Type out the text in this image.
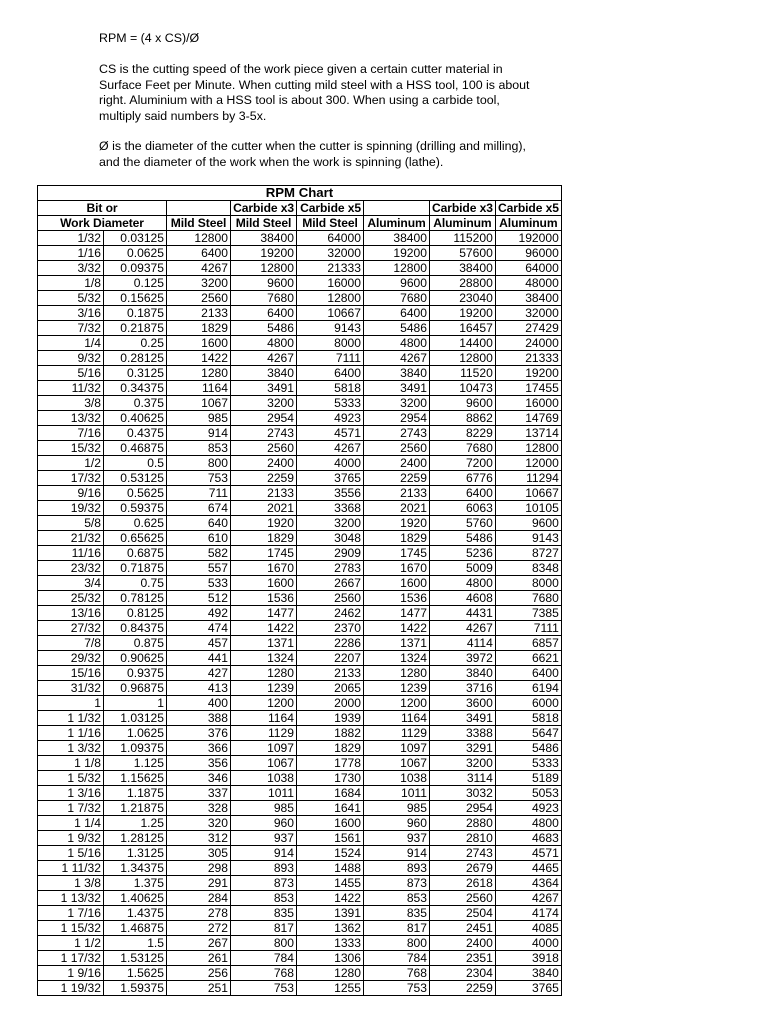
RPM = (4 x CS)/Ø

CS is the cutting speed of the work piece given a certain cutter material in Surface Feet per Minute. When cutting mild steel with a HSS tool, 100 is about right. Aluminium with a HSS tool is about 300. When using a carbide tool, multiply said numbers by 3-5x.

Ø is the diameter of the cutter when the cutter is spinning (drilling and milling), and the diameter of the work when the work is spinning (lathe).

RPM Chart							
Bit or			Carbide x3	Carbide x5		Carbide x3	Carbide x5
Work Diameter		Mild Steel	Mild Steel	Mild Steel	Aluminum	Aluminum	Aluminum
1/32	0.03125	12800	38400	64000	38400	115200	192000
1/16	0.0625	6400	19200	32000	19200	57600	96000
3/32	0.09375	4267	12800	21333	12800	38400	64000
1/8	0.125	3200	9600	16000	9600	28800	48000
5/32	0.15625	2560	7680	12800	7680	23040	38400
3/16	0.1875	2133	6400	10667	6400	19200	32000
7/32	0.21875	1829	5486	9143	5486	16457	27429
1/4	0.25	1600	4800	8000	4800	14400	24000
9/32	0.28125	1422	4267	7111	4267	12800	21333
5/16	0.3125	1280	3840	6400	3840	11520	19200
11/32	0.34375	1164	3491	5818	3491	10473	17455
3/8	0.375	1067	3200	5333	3200	9600	16000
13/32	0.40625	985	2954	4923	2954	8862	14769
7/16	0.4375	914	2743	4571	2743	8229	13714
15/32	0.46875	853	2560	4267	2560	7680	12800
1/2	0.5	800	2400	4000	2400	7200	12000
17/32	0.53125	753	2259	3765	2259	6776	11294
9/16	0.5625	711	2133	3556	2133	6400	10667
19/32	0.59375	674	2021	3368	2021	6063	10105
5/8	0.625	640	1920	3200	1920	5760	9600
21/32	0.65625	610	1829	3048	1829	5486	9143
11/16	0.6875	582	1745	2909	1745	5236	8727
23/32	0.71875	557	1670	2783	1670	5009	8348
3/4	0.75	533	1600	2667	1600	4800	8000
25/32	0.78125	512	1536	2560	1536	4608	7680
13/16	0.8125	492	1477	2462	1477	4431	7385
27/32	0.84375	474	1422	2370	1422	4267	7111
7/8	0.875	457	1371	2286	1371	4114	6857
29/32	0.90625	441	1324	2207	1324	3972	6621
15/16	0.9375	427	1280	2133	1280	3840	6400
31/32	0.96875	413	1239	2065	1239	3716	6194
1	1	400	1200	2000	1200	3600	6000
1 1/32	1.03125	388	1164	1939	1164	3491	5818
1 1/16	1.0625	376	1129	1882	1129	3388	5647
1 3/32	1.09375	366	1097	1829	1097	3291	5486
1 1/8	1.125	356	1067	1778	1067	3200	5333
1 5/32	1.15625	346	1038	1730	1038	3114	5189
1 3/16	1.1875	337	1011	1684	1011	3032	5053
1 7/32	1.21875	328	985	1641	985	2954	4923
1 1/4	1.25	320	960	1600	960	2880	4800
1 9/32	1.28125	312	937	1561	937	2810	4683
1 5/16	1.3125	305	914	1524	914	2743	4571
1 11/32	1.34375	298	893	1488	893	2679	4465
1 3/8	1.375	291	873	1455	873	2618	4364
1 13/32	1.40625	284	853	1422	853	2560	4267
1 7/16	1.4375	278	835	1391	835	2504	4174
1 15/32	1.46875	272	817	1362	817	2451	4085
1 1/2	1.5	267	800	1333	800	2400	4000
1 17/32	1.53125	261	784	1306	784	2351	3918
1 9/16	1.5625	256	768	1280	768	2304	3840
1 19/32	1.59375	251	753	1255	753	2259	3765
